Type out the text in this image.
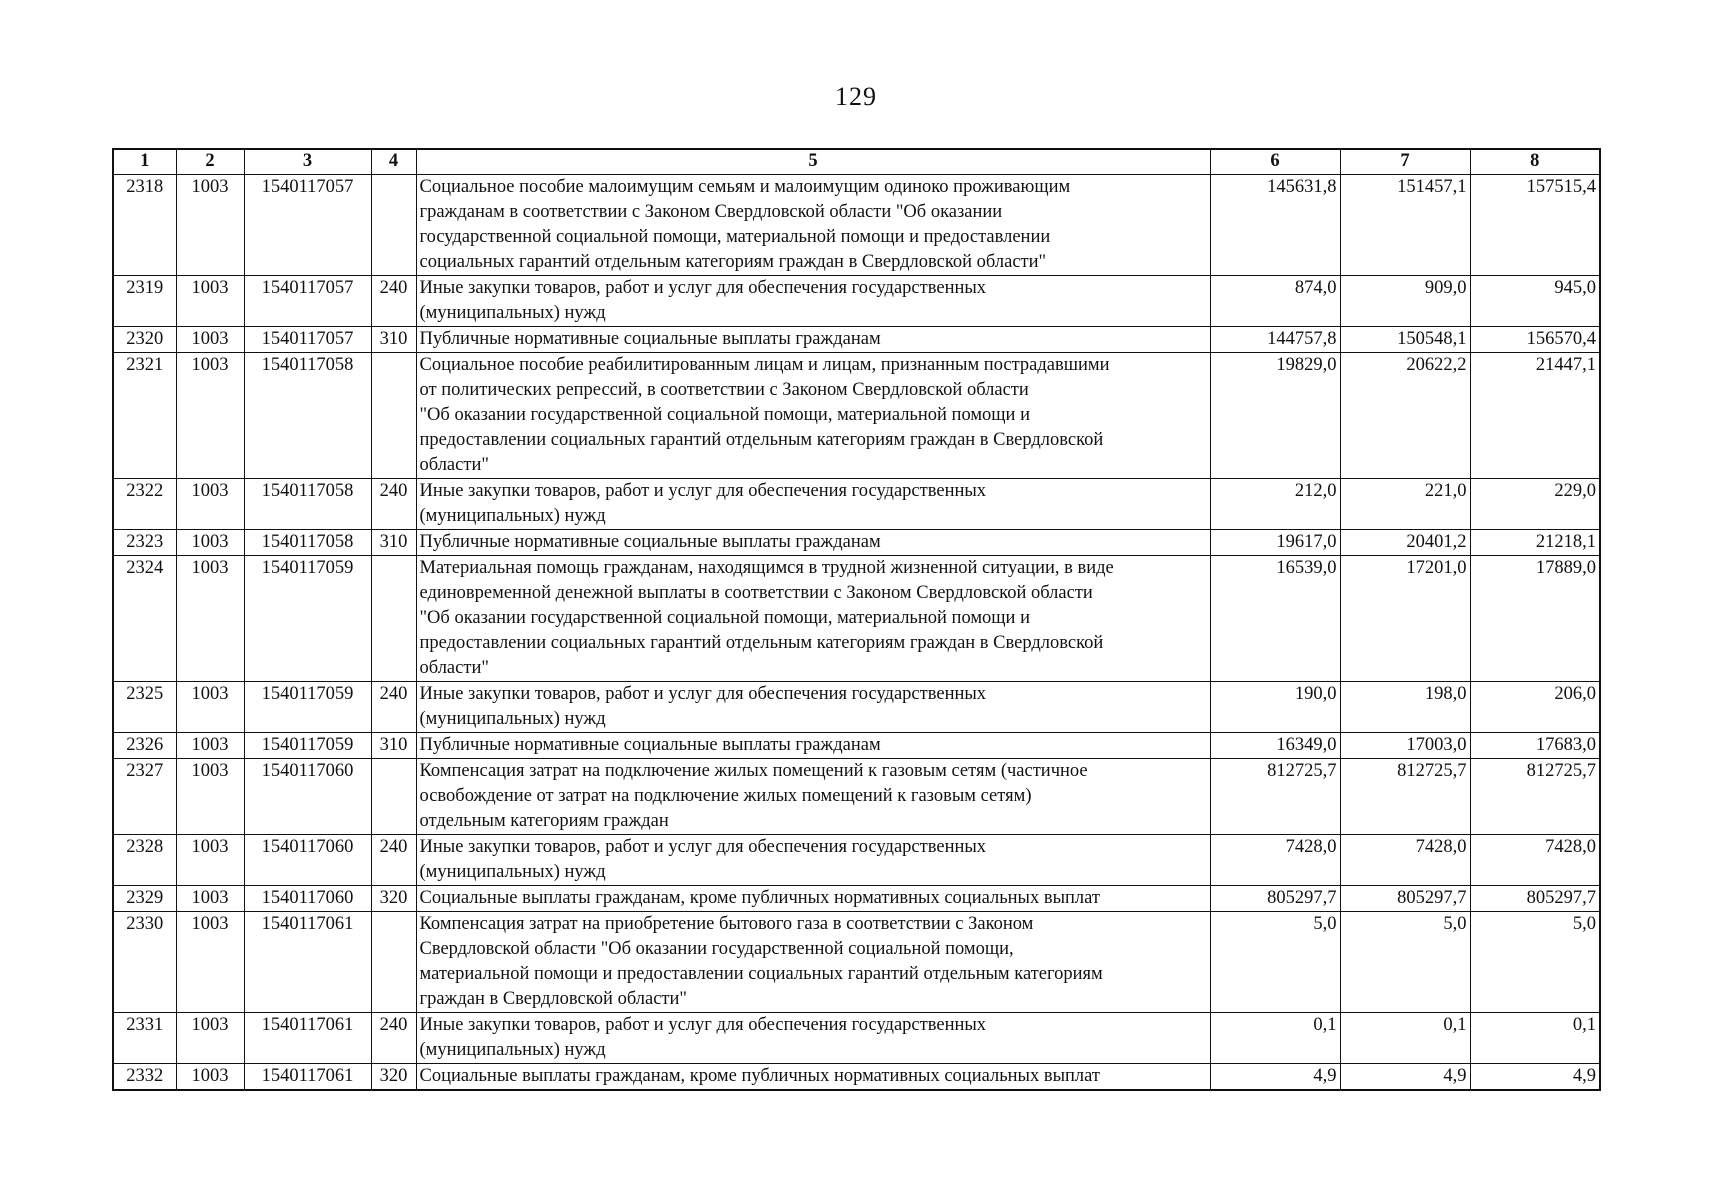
129
1	2	3	4	5	6	7	8
2318	1003	1540117057		Социальное пособие малоимущим семьям и малоимущим одиноко проживающим
гражданам в соответствии с Законом Свердловской области "Об оказании
государственной социальной помощи, материальной помощи и предоставлении
социальных гарантий отдельным категориям граждан в Свердловской области"	145631,8	151457,1	157515,4
2319	1003	1540117057	240	Иные закупки товаров, работ и услуг для обеспечения государственных
(муниципальных) нужд	874,0	909,0	945,0
2320	1003	1540117057	310	Публичные нормативные социальные выплаты гражданам	144757,8	150548,1	156570,4
2321	1003	1540117058		Социальное пособие реабилитированным лицам и лицам, признанным пострадавшими
от политических репрессий, в соответствии с Законом Свердловской области
"Об оказании государственной социальной помощи, материальной помощи и
предоставлении социальных гарантий отдельным категориям граждан в Свердловской
области"	19829,0	20622,2	21447,1
2322	1003	1540117058	240	Иные закупки товаров, работ и услуг для обеспечения государственных
(муниципальных) нужд	212,0	221,0	229,0
2323	1003	1540117058	310	Публичные нормативные социальные выплаты гражданам	19617,0	20401,2	21218,1
2324	1003	1540117059		Материальная помощь гражданам, находящимся в трудной жизненной ситуации, в виде
единовременной денежной выплаты в соответствии с Законом Свердловской области
"Об оказании государственной социальной помощи, материальной помощи и
предоставлении социальных гарантий отдельным категориям граждан в Свердловской
области"	16539,0	17201,0	17889,0
2325	1003	1540117059	240	Иные закупки товаров, работ и услуг для обеспечения государственных
(муниципальных) нужд	190,0	198,0	206,0
2326	1003	1540117059	310	Публичные нормативные социальные выплаты гражданам	16349,0	17003,0	17683,0
2327	1003	1540117060		Компенсация затрат на подключение жилых помещений к газовым сетям (частичное
освобождение от затрат на подключение жилых помещений к газовым сетям)
отдельным категориям граждан	812725,7	812725,7	812725,7
2328	1003	1540117060	240	Иные закупки товаров, работ и услуг для обеспечения государственных
(муниципальных) нужд	7428,0	7428,0	7428,0
2329	1003	1540117060	320	Социальные выплаты гражданам, кроме публичных нормативных социальных выплат	805297,7	805297,7	805297,7
2330	1003	1540117061		Компенсация затрат на приобретение бытового газа в соответствии с Законом
Свердловской области "Об оказании государственной социальной помощи,
материальной помощи и предоставлении социальных гарантий отдельным категориям
граждан в Свердловской области"	5,0	5,0	5,0
2331	1003	1540117061	240	Иные закупки товаров, работ и услуг для обеспечения государственных
(муниципальных) нужд	0,1	0,1	0,1
2332	1003	1540117061	320	Социальные выплаты гражданам, кроме публичных нормативных социальных выплат	4,9	4,9	4,9
